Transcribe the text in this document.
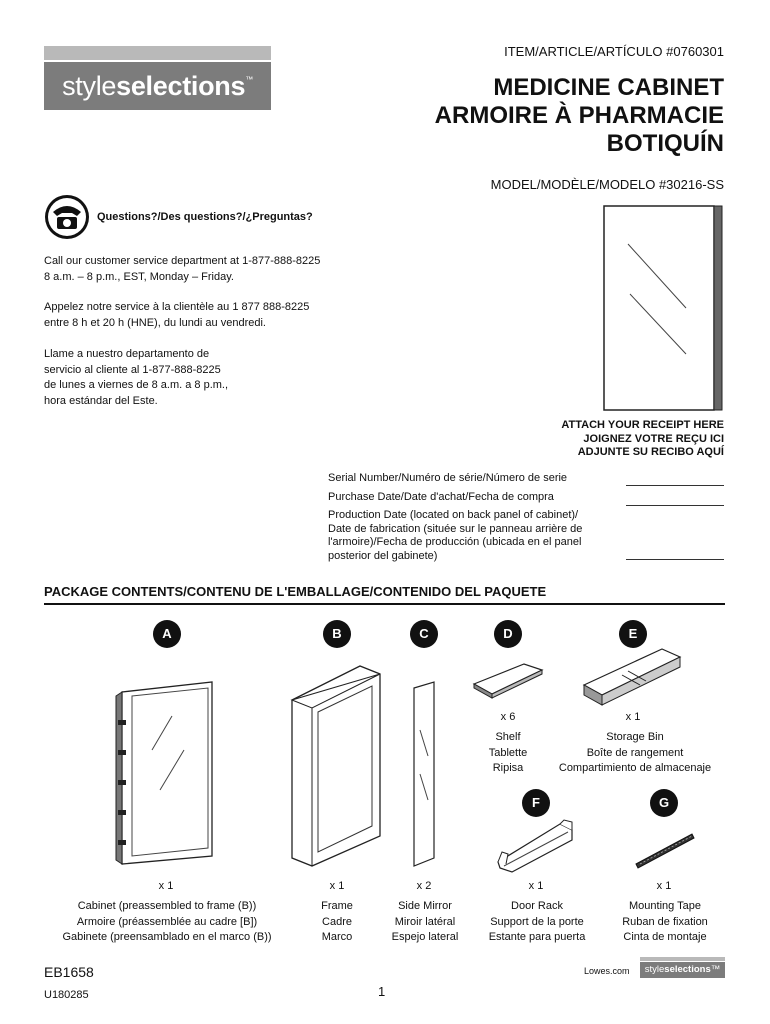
styleselections™
ITEM/ARTICLE/ARTÍCULO #0760301
MEDICINE CABINET
ARMOIRE À PHARMACIE
BOTIQUÍN
MODEL/MODÈLE/MODELO #30216-SS
Questions?/Des questions?/¿Preguntas?
Call our customer service department at 1-877-888-8225
8 a.m. – 8 p.m., EST, Monday – Friday.
Appelez notre service à la clientèle au 1 877 888-8225
entre 8 h et 20 h (HNE), du lundi au vendredi.
Llame a nuestro departamento de
servicio al cliente al 1-877-888-8225
de lunes a viernes de 8 a.m. a 8 p.m.,
hora estándar del Este.
ATTACH YOUR RECEIPT HERE
JOIGNEZ VOTRE REÇU ICI
ADJUNTE SU RECIBO AQUÍ
Serial Number/Numéro de série/Número de serie
Purchase Date/Date d'achat/Fecha de compra
Production Date (located on back panel of cabinet)/
Date de fabrication (située sur le panneau arrière de
l'armoire)/Fecha de producción (ubicada en el panel
posterior del gabinete)
PACKAGE CONTENTS/CONTENU DE L'EMBALLAGE/CONTENIDO DEL PAQUETE
A	B	C	D	E
F	G
x 1	x 1	x 2
x 6	x 1
x 1	x 1
Cabinet (preassembled to frame (B))
Armoire (préassemblée au cadre [B])
Gabinete (preensamblado en el marco (B))
Frame
Cadre
Marco
Side Mirror
Miroir latéral
Espejo lateral
Shelf
Tablette
Ripisa
Storage Bin
Boîte de rangement
Compartimiento de almacenaje
Door Rack
Support de la porte
Estante para puerta
Mounting Tape
Ruban de fixation
Cinta de montaje
EB1658
U180285	1
Lowes.com	styleselections™
